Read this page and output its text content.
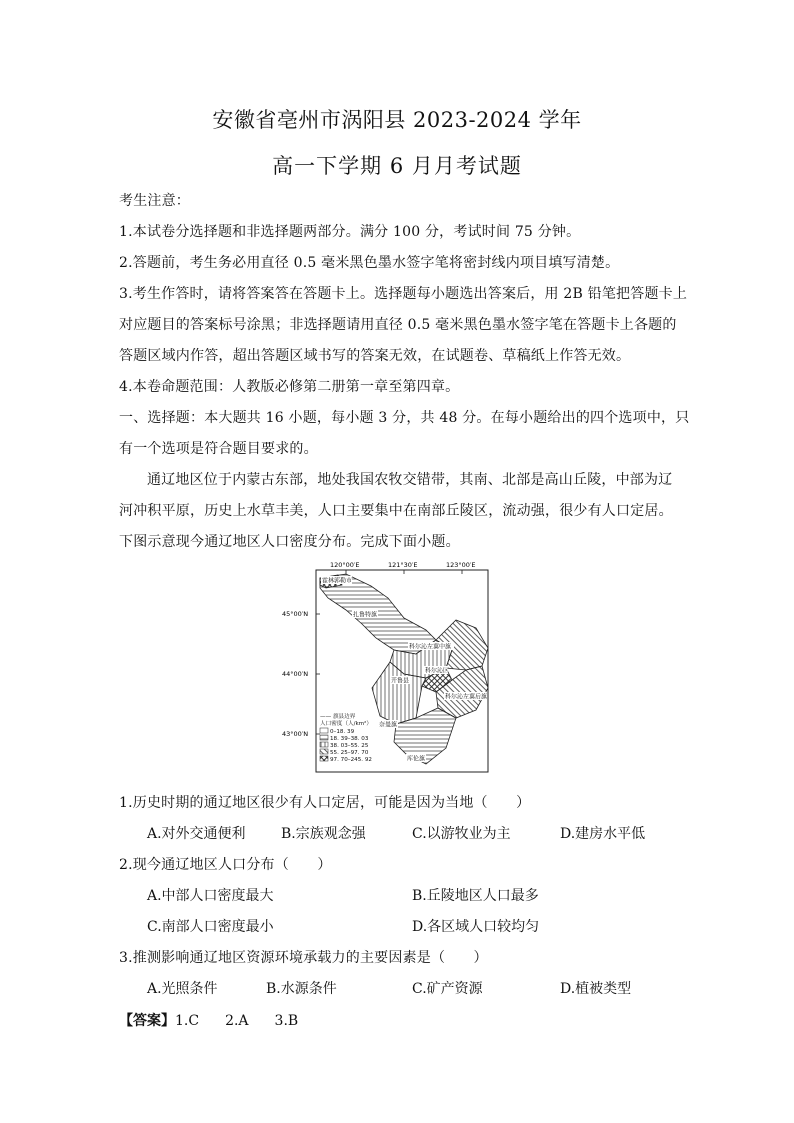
安徽省亳州市涡阳县 2023-2024 学年
高一下学期 6 月月考试题
考生注意：
1.本试卷分选择题和非选择题两部分。满分 100 分，考试时间 75 分钟。
2.答题前，考生务必用直径 0.5 毫米黑色墨水签字笔将密封线内项目填写清楚。
3.考生作答时，请将答案答在答题卡上。选择题每小题选出答案后，用 2B 铅笔把答题卡上
对应题目的答案标号涂黑；非选择题请用直径 0.5 毫米黑色墨水签字笔在答题卡上各题的
答题区域内作答，超出答题区域书写的答案无效，在试题卷、草稿纸上作答无效。
4.本卷命题范围：人教版必修第二册第一章至第四章。
一、选择题：本大题共 16 小题，每小题 3 分，共 48 分。在每小题给出的四个选项中，只
有一个选项是符合题目要求的。
通辽地区位于内蒙古东部，地处我国农牧交错带，其南、北部是高山丘陵，中部为辽
河冲积平原，历史上水草丰美，人口主要集中在南部丘陵区，流动强，很少有人口定居。
下图示意现今通辽地区人口密度分布。完成下面小题。
120°00′E	121°30′E	123°00′E
45°00′N
44°00′N
43°00′N
霍林郭勒市
扎鲁特旗
开鲁县
科尔沁左翼中旗
科尔沁区
奈曼旗
科尔沁左翼后旗
库伦旗
—— 旗县边界
人口密度（人/km²）
0–18. 39
18. 39–38. 03
38. 03–55. 25
55. 25–97. 70
97. 70–245. 92
1.历史时期的通辽地区很少有人口定居，可能是因为当地（　　）
A.对外交通便利	B.宗族观念强	C.以游牧业为主	D.建房水平低
2.现今通辽地区人口分布（　　）
A.中部人口密度最大	B.丘陵地区人口最多
C.南部人口密度最小	D.各区域人口较均匀
3.推测影响通辽地区资源环境承载力的主要因素是（　　）
A.光照条件	B.水源条件	C.矿产资源	D.植被类型
【答案】1.C 2.A 3.B
